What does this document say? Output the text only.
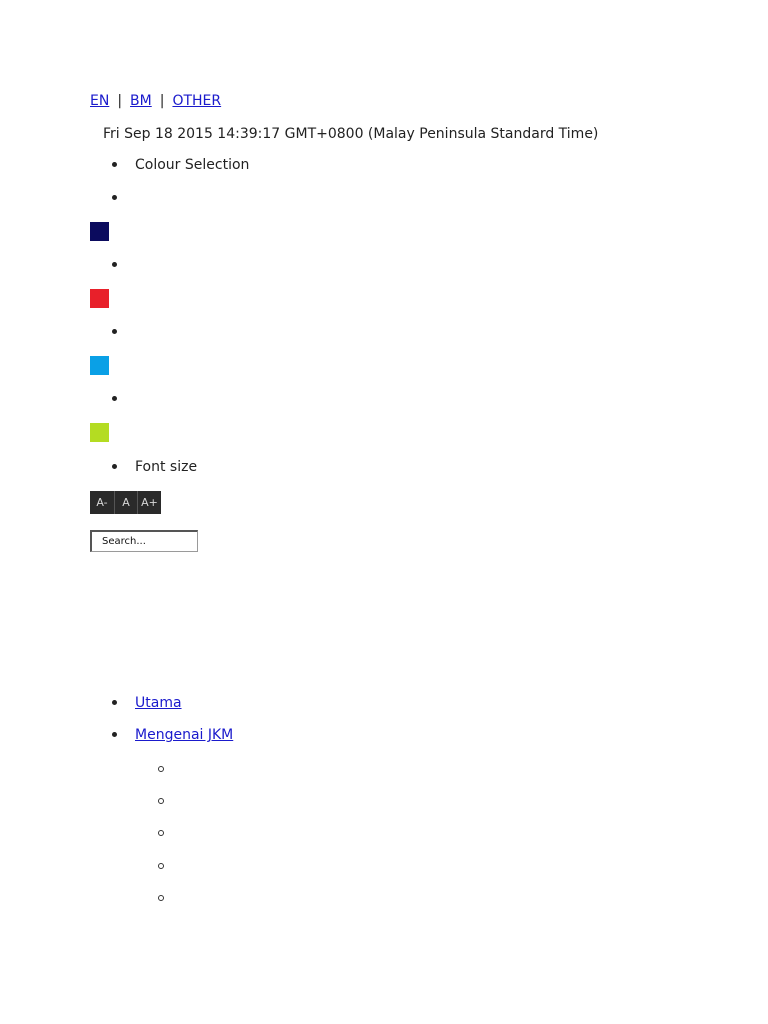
EN | BM | OTHER
Fri Sep 18 2015 14:39:17 GMT+0800 (Malay Peninsula Standard Time)
Colour Selection
Font size
A-	A	A+
Search...
Utama
Mengenai JKM
